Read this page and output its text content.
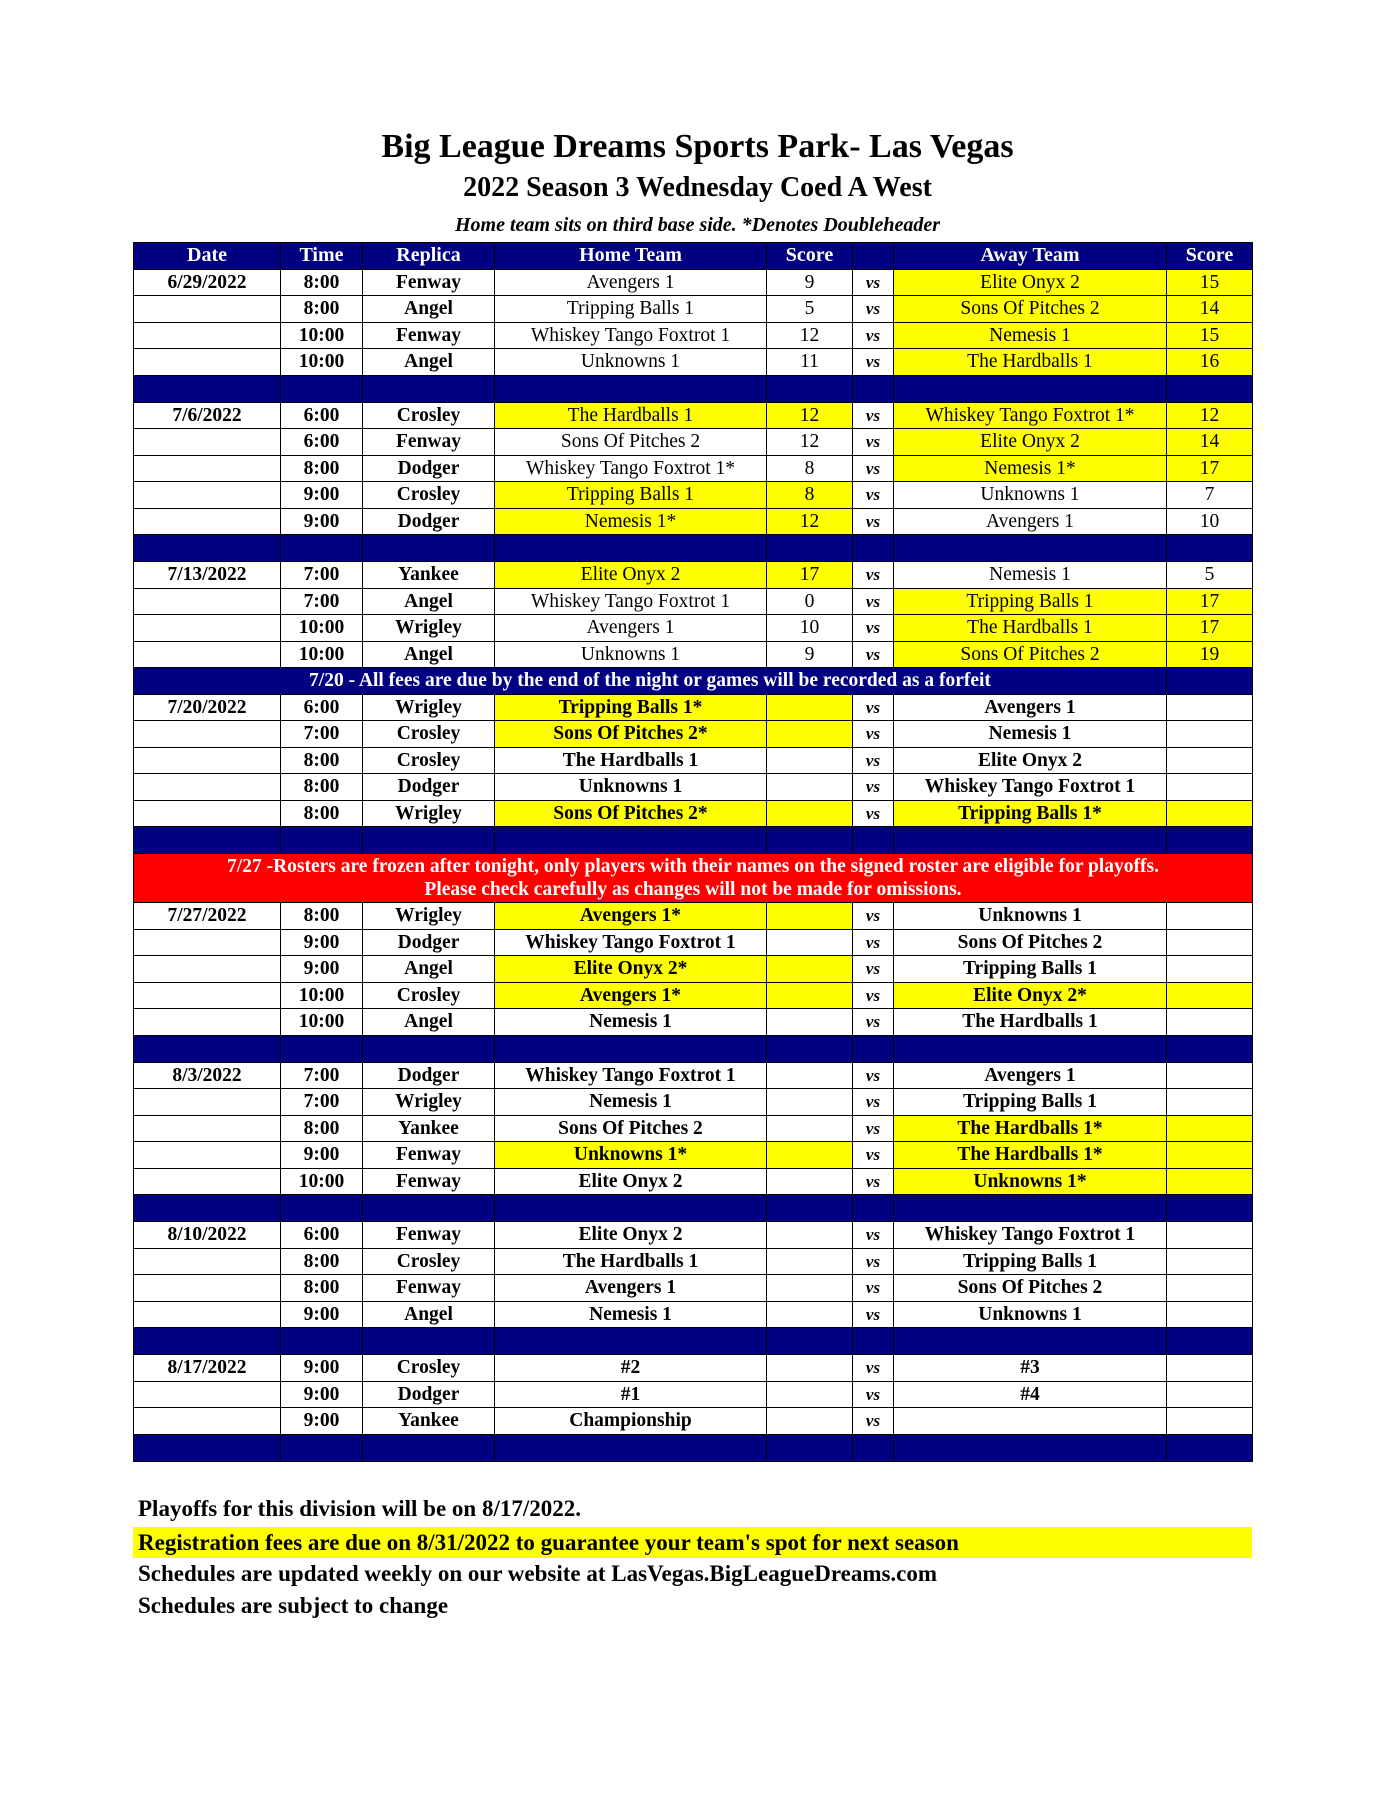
Big League Dreams Sports Park- Las Vegas
2022 Season 3 Wednesday Coed A West
Home team sits on third base side. *Denotes Doubleheader
Date	Time	Replica	Home Team	Score		Away Team	Score
6/29/2022	8:00	Fenway	Avengers 1	9	vs	Elite Onyx 2	15
	8:00	Angel	Tripping Balls 1	5	vs	Sons Of Pitches 2	14
	10:00	Fenway	Whiskey Tango Foxtrot 1	12	vs	Nemesis 1	15
	10:00	Angel	Unknowns 1	11	vs	The Hardballs 1	16

7/6/2022	6:00	Crosley	The Hardballs 1	12	vs	Whiskey Tango Foxtrot 1*	12
	6:00	Fenway	Sons Of Pitches 2	12	vs	Elite Onyx 2	14
	8:00	Dodger	Whiskey Tango Foxtrot 1*	8	vs	Nemesis 1*	17
	9:00	Crosley	Tripping Balls 1	8	vs	Unknowns 1	7
	9:00	Dodger	Nemesis 1*	12	vs	Avengers 1	10

7/13/2022	7:00	Yankee	Elite Onyx 2	17	vs	Nemesis 1	5
	7:00	Angel	Whiskey Tango Foxtrot 1	0	vs	Tripping Balls 1	17
	10:00	Wrigley	Avengers 1	10	vs	The Hardballs 1	17
	10:00	Angel	Unknowns 1	9	vs	Sons Of Pitches 2	19
7/20 - All fees are due by the end of the night or games will be recorded as a forfeit							
7/20/2022	6:00	Wrigley	Tripping Balls 1*		vs	Avengers 1	
	7:00	Crosley	Sons Of Pitches 2*		vs	Nemesis 1	
	8:00	Crosley	The Hardballs 1		vs	Elite Onyx 2	
	8:00	Dodger	Unknowns 1		vs	Whiskey Tango Foxtrot 1	
	8:00	Wrigley	Sons Of Pitches 2*		vs	Tripping Balls 1*	

7/27 -Rosters are frozen after tonight, only players with their names on the signed roster are eligible for playoffs.
Please check carefully as changes will not be made for omissions.							

7/27/2022	8:00	Wrigley	Avengers 1*		vs	Unknowns 1	
	9:00	Dodger	Whiskey Tango Foxtrot 1		vs	Sons Of Pitches 2	
	9:00	Angel	Elite Onyx 2*		vs	Tripping Balls 1	
	10:00	Crosley	Avengers 1*		vs	Elite Onyx 2*	
	10:00	Angel	Nemesis 1		vs	The Hardballs 1	

8/3/2022	7:00	Dodger	Whiskey Tango Foxtrot 1		vs	Avengers 1	
	7:00	Wrigley	Nemesis 1		vs	Tripping Balls 1	
	8:00	Yankee	Sons Of Pitches 2		vs	The Hardballs 1*	
	9:00	Fenway	Unknowns 1*		vs	The Hardballs 1*	
	10:00	Fenway	Elite Onyx 2		vs	Unknowns 1*	

8/10/2022	6:00	Fenway	Elite Onyx 2		vs	Whiskey Tango Foxtrot 1	
	8:00	Crosley	The Hardballs 1		vs	Tripping Balls 1	
	8:00	Fenway	Avengers 1		vs	Sons Of Pitches 2	
	9:00	Angel	Nemesis 1		vs	Unknowns 1	

8/17/2022	9:00	Crosley	#2		vs	#3	
	9:00	Dodger	#1		vs	#4	
	9:00	Yankee	Championship		vs		

Playoffs for this division will be on 8/17/2022.
Registration fees are due on 8/31/2022 to guarantee your team's spot for next season
Schedules are updated weekly on our website at LasVegas.BigLeagueDreams.com
Schedules are subject to change
